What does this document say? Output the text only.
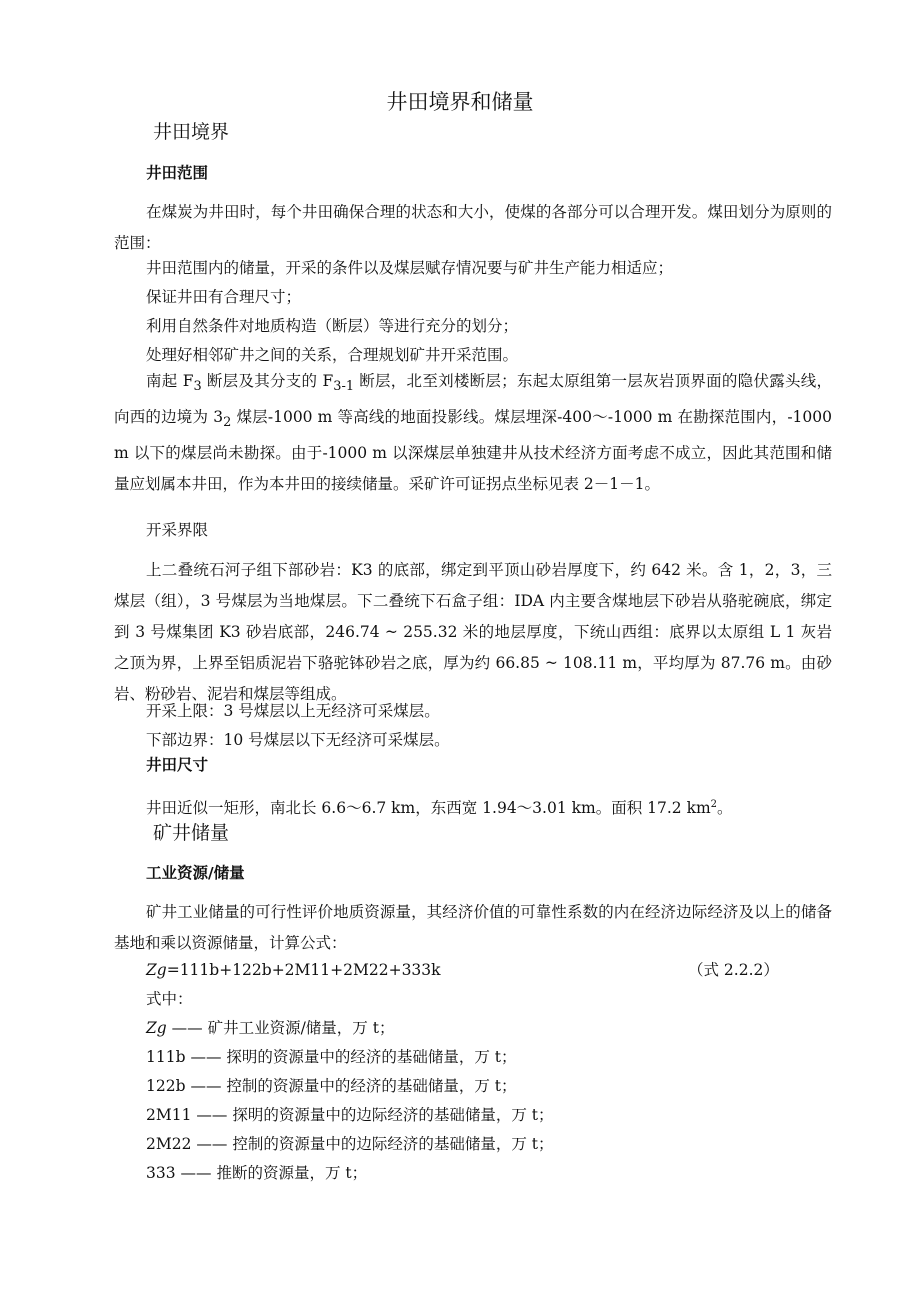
井田境界和储量
井田境界
井田范围

在煤炭为井田时，每个井田确保合理的状态和大小，使煤的各部分可以合理开发。煤田划分为原则的范围：

井田范围内的储量，开采的条件以及煤层赋存情况要与矿井生产能力相适应；

保证井田有合理尺寸；

利用自然条件对地质构造（断层）等进行充分的划分；

处理好相邻矿井之间的关系，合理规划矿井开采范围。

南起 $F_3$ 断层及其分支的 $F_{3-1}$ 断层，北至刘楼断层；东起太原组第一层灰岩顶界面的隐伏露头线，向西的边境为 $3_2$ 煤层-1000 m 等高线的地面投影线。煤层埋深-400～-1000 m 在勘探范围内，-1000 m 以下的煤层尚未勘探。由于-1000 m 以深煤层单独建井从技术经济方面考虑不成立，因此其范围和储量应划属本井田，作为本井田的接续储量。采矿许可证拐点坐标见表 2－1－1。

开采界限

上二叠统石河子组下部砂岩：K3 的底部，绑定到平顶山砂岩厚度下，约 642 米。含 1，2，3，三煤层（组），3 号煤层为当地煤层。下二叠统下石盒子组：IDA 内主要含煤地层下砂岩从骆驼碗底，绑定到 3 号煤集团 K3 砂岩底部，246.74 ~ 255.32 米的地层厚度，下统山西组：底界以太原组 L 1 灰岩之顶为界，上界至铝质泥岩下骆驼钵砂岩之底，厚为约 66.85 ~ 108.11 m，平均厚为 87.76 m。由砂岩、粉砂岩、泥岩和煤层等组成。

开采上限：3 号煤层以上无经济可采煤层。

下部边界：10 号煤层以下无经济可采煤层。

井田尺寸

井田近似一矩形，南北长 6.6～6.7 km，东西宽 1.94～3.01 km。面积 17.2 $km^2$。

矿井储量
工业资源/储量

矿井工业储量的可行性评价地质资源量，其经济价值的可靠性系数的内在经济边际经济及以上的储备基地和乘以资源储量，计算公式：

Zg=111b+122b+2M11+2M22+333k	（式 2.2.2）

式中：

Zg —— 矿井工业资源/储量，万 t；

111b —— 探明的资源量中的经济的基础储量，万 t；

122b —— 控制的资源量中的经济的基础储量，万 t；

2M11 —— 探明的资源量中的边际经济的基础储量，万 t；

2M22 —— 控制的资源量中的边际经济的基础储量，万 t；

333 —— 推断的资源量，万 t；
